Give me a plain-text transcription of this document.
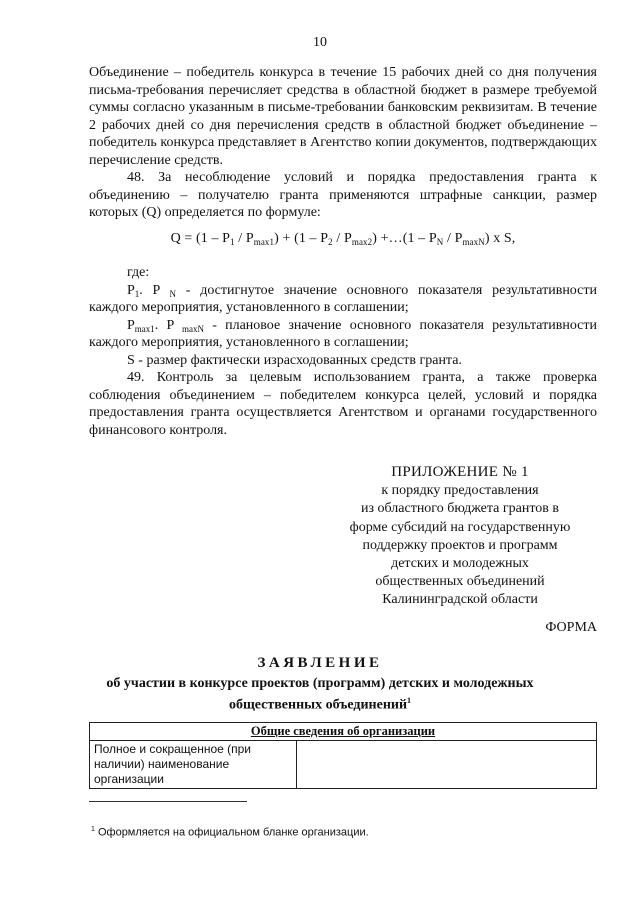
10

Объединение – победитель конкурса в течение 15 рабочих дней со дня получения письма-требования перечисляет средства в областной бюджет в размере требуемой суммы согласно указанным в письме-требовании банковским реквизитам. В течение 2 рабочих дней со дня перечисления средств в областной бюджет объединение – победитель конкурса представляет в Агентство копии документов, подтверждающих перечисление средств.

48. За несоблюдение условий и порядка предоставления гранта к объединению – получателю гранта применяются штрафные санкции, размер которых (Q) определяется по формуле:

$Q = (1 - P_1 / P_{max1}) + (1 - P_2 / P_{max2})$ +…(1 – $P_N / P_{maxN}$) x S,

где:

$P_1$. P $_N$ - достигнутое значение основного показателя результативности каждого мероприятия, установленного в соглашении;

$P_{max1}$. P $_{maxN}$ - плановое значение основного показателя результативности каждого мероприятия, установленного в соглашении;

S - размер фактически израсходованных средств гранта.

49. Контроль за целевым использованием гранта, а также проверка соблюдения объединением – победителем конкурса целей, условий и порядка предоставления гранта осуществляется Агентством и органами государственного финансового контроля.

ПРИЛОЖЕНИЕ № 1
к порядку предоставления
из областного бюджета грантов в
форме субсидий на государственную
поддержку проектов и программ
детских и молодежных
общественных объединений
Калининградской области
ФОРМА
ЗАЯВЛЕНИЕ
об участии в конкурсе проектов (программ) детских и молодежных общественных объединений$^1$
Общие сведения об организации
Полное и сокращенное (при наличии) наименование организации	
$^1$ Оформляется на официальном бланке организации.
